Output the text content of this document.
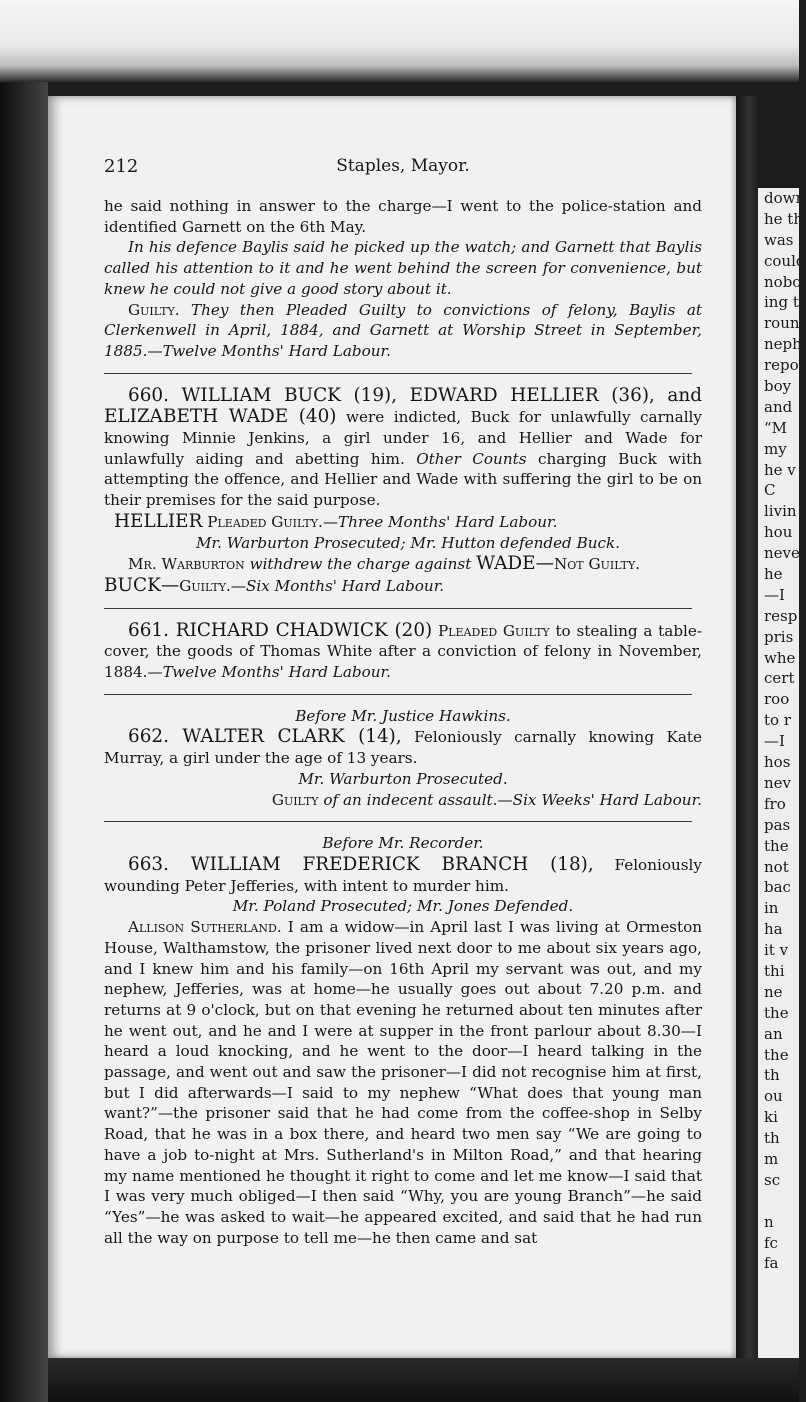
down
he th
was
could
nobo
ing t
roun
neph
repo
boy
and
“M
my
he v
C
livin
hou
neve
he
—I
resp
pris
whe
cert
roo
to r
—I
hos
nev
fro
pas
the
not
bac
in
ha
it v
thi
ne
the
an
the
th
ou
ki
th
m
sc
n
fc
fa
212	Staples, Mayor.

he said nothing in answer to the charge—I went to the police-station and identified Garnett on the 6th May.

In his defence Baylis said he picked up the watch; and Garnett that Baylis called his attention to it and he went behind the screen for convenience, but knew he could not give a good story about it.

Guilty. They then Pleaded Guilty to convictions of felony, Baylis at Clerkenwell in April, 1884, and Garnett at Worship Street in September, 1885.—Twelve Months' Hard Labour.

660. WILLIAM BUCK (19), EDWARD HELLIER (36), and ELIZABETH WADE (40) were indicted, Buck for unlawfully carnally knowing Minnie Jenkins, a girl under 16, and Hellier and Wade for unlawfully aiding and abetting him. Other Counts charging Buck with attempting the offence, and Hellier and Wade with suffering the girl to be on their premises for the said purpose.

HELLIER Pleaded Guilty.—Three Months' Hard Labour.

Mr. Warburton Prosecuted; Mr. Hutton defended Buck.

Mr. Warburton withdrew the charge against WADE—Not Guilty.

BUCK—Guilty.—Six Months' Hard Labour.

661. RICHARD CHADWICK (20) Pleaded Guilty to stealing a table-cover, the goods of Thomas White after a conviction of felony in November, 1884.—Twelve Months' Hard Labour.

Before Mr. Justice Hawkins.

662. WALTER CLARK (14), Feloniously carnally knowing Kate Murray, a girl under the age of 13 years.

Mr. Warburton Prosecuted.

Guilty of an indecent assault.—Six Weeks' Hard Labour.

Before Mr. Recorder.

663. WILLIAM FREDERICK BRANCH (18), Feloniously wounding Peter Jefferies, with intent to murder him.

Mr. Poland Prosecuted; Mr. Jones Defended.

Allison Sutherland. I am a widow—in April last I was living at Ormeston House, Walthamstow, the prisoner lived next door to me about six years ago, and I knew him and his family—on 16th April my servant was out, and my nephew, Jefferies, was at home—he usually goes out about 7.20 p.m. and returns at 9 o'clock, but on that evening he returned about ten minutes after he went out, and he and I were at supper in the front parlour about 8.30—I heard a loud knocking, and he went to the door—I heard talking in the passage, and went out and saw the prisoner—I did not recognise him at first, but I did afterwards—I said to my nephew “What does that young man want?”—the prisoner said that he had come from the coffee-shop in Selby Road, that he was in a box there, and heard two men say “We are going to have a job to-night at Mrs. Sutherland's in Milton Road,” and that hearing my name mentioned he thought it right to come and let me know—I said that I was very much obliged—I then said “Why, you are young Branch”—he said “Yes”—he was asked to wait—he appeared excited, and said that he had run all the way on purpose to tell me—he then came and sat
